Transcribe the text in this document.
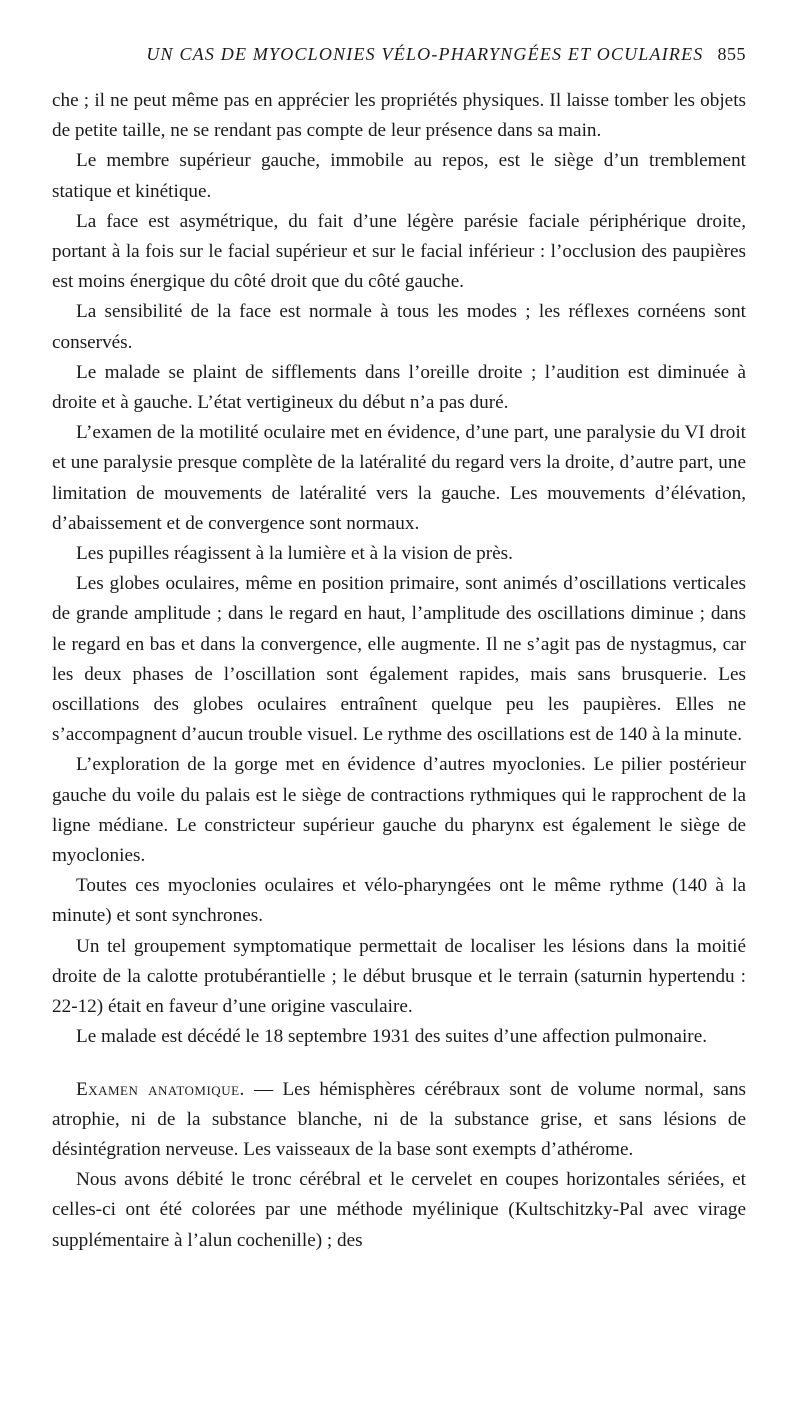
UN CAS DE MYOCLONIES VÉLO-PHARYNGÉES ET OCULAIRES 855

che ; il ne peut même pas en apprécier les propriétés physiques. Il laisse tomber les objets de petite taille, ne se rendant pas compte de leur présence dans sa main.

Le membre supérieur gauche, immobile au repos, est le siège d’un tremblement statique et kinétique.

La face est asymétrique, du fait d’une légère parésie faciale périphérique droite, portant à la fois sur le facial supérieur et sur le facial inférieur : l’occlusion des paupières est moins énergique du côté droit que du côté gauche.

La sensibilité de la face est normale à tous les modes ; les réflexes cornéens sont conservés.

Le malade se plaint de sifflements dans l’oreille droite ; l’audition est diminuée à droite et à gauche. L’état vertigineux du début n’a pas duré.

L’examen de la motilité oculaire met en évidence, d’une part, une paralysie du VI droit et une paralysie presque complète de la latéralité du regard vers la droite, d’autre part, une limitation de mouvements de latéralité vers la gauche. Les mouvements d’élévation, d’abaissement et de convergence sont normaux.

Les pupilles réagissent à la lumière et à la vision de près.

Les globes oculaires, même en position primaire, sont animés d’oscillations verticales de grande amplitude ; dans le regard en haut, l’amplitude des oscillations diminue ; dans le regard en bas et dans la convergence, elle augmente. Il ne s’agit pas de nystagmus, car les deux phases de l’oscillation sont également rapides, mais sans brusquerie. Les oscillations des globes oculaires entraînent quelque peu les paupières. Elles ne s’accompagnent d’aucun trouble visuel. Le rythme des oscillations est de 140 à la minute.

L’exploration de la gorge met en évidence d’autres myoclonies. Le pilier postérieur gauche du voile du palais est le siège de contractions rythmiques qui le rapprochent de la ligne médiane. Le constricteur supérieur gauche du pharynx est également le siège de myoclonies.

Toutes ces myoclonies oculaires et vélo-pharyngées ont le même rythme (140 à la minute) et sont synchrones.

Un tel groupement symptomatique permettait de localiser les lésions dans la moitié droite de la calotte protubérantielle ; le début brusque et le terrain (saturnin hypertendu : 22-12) était en faveur d’une origine vasculaire.

Le malade est décédé le 18 septembre 1931 des suites d’une affection pulmonaire.

Examen anatomique. — Les hémisphères cérébraux sont de volume normal, sans atrophie, ni de la substance blanche, ni de la substance grise, et sans lésions de désintégration nerveuse. Les vaisseaux de la base sont exempts d’athérome.

Nous avons débité le tronc cérébral et le cervelet en coupes horizontales sériées, et celles-ci ont été colorées par une méthode myélinique (Kultschitzky-Pal avec virage supplémentaire à l’alun cochenille) ; des
